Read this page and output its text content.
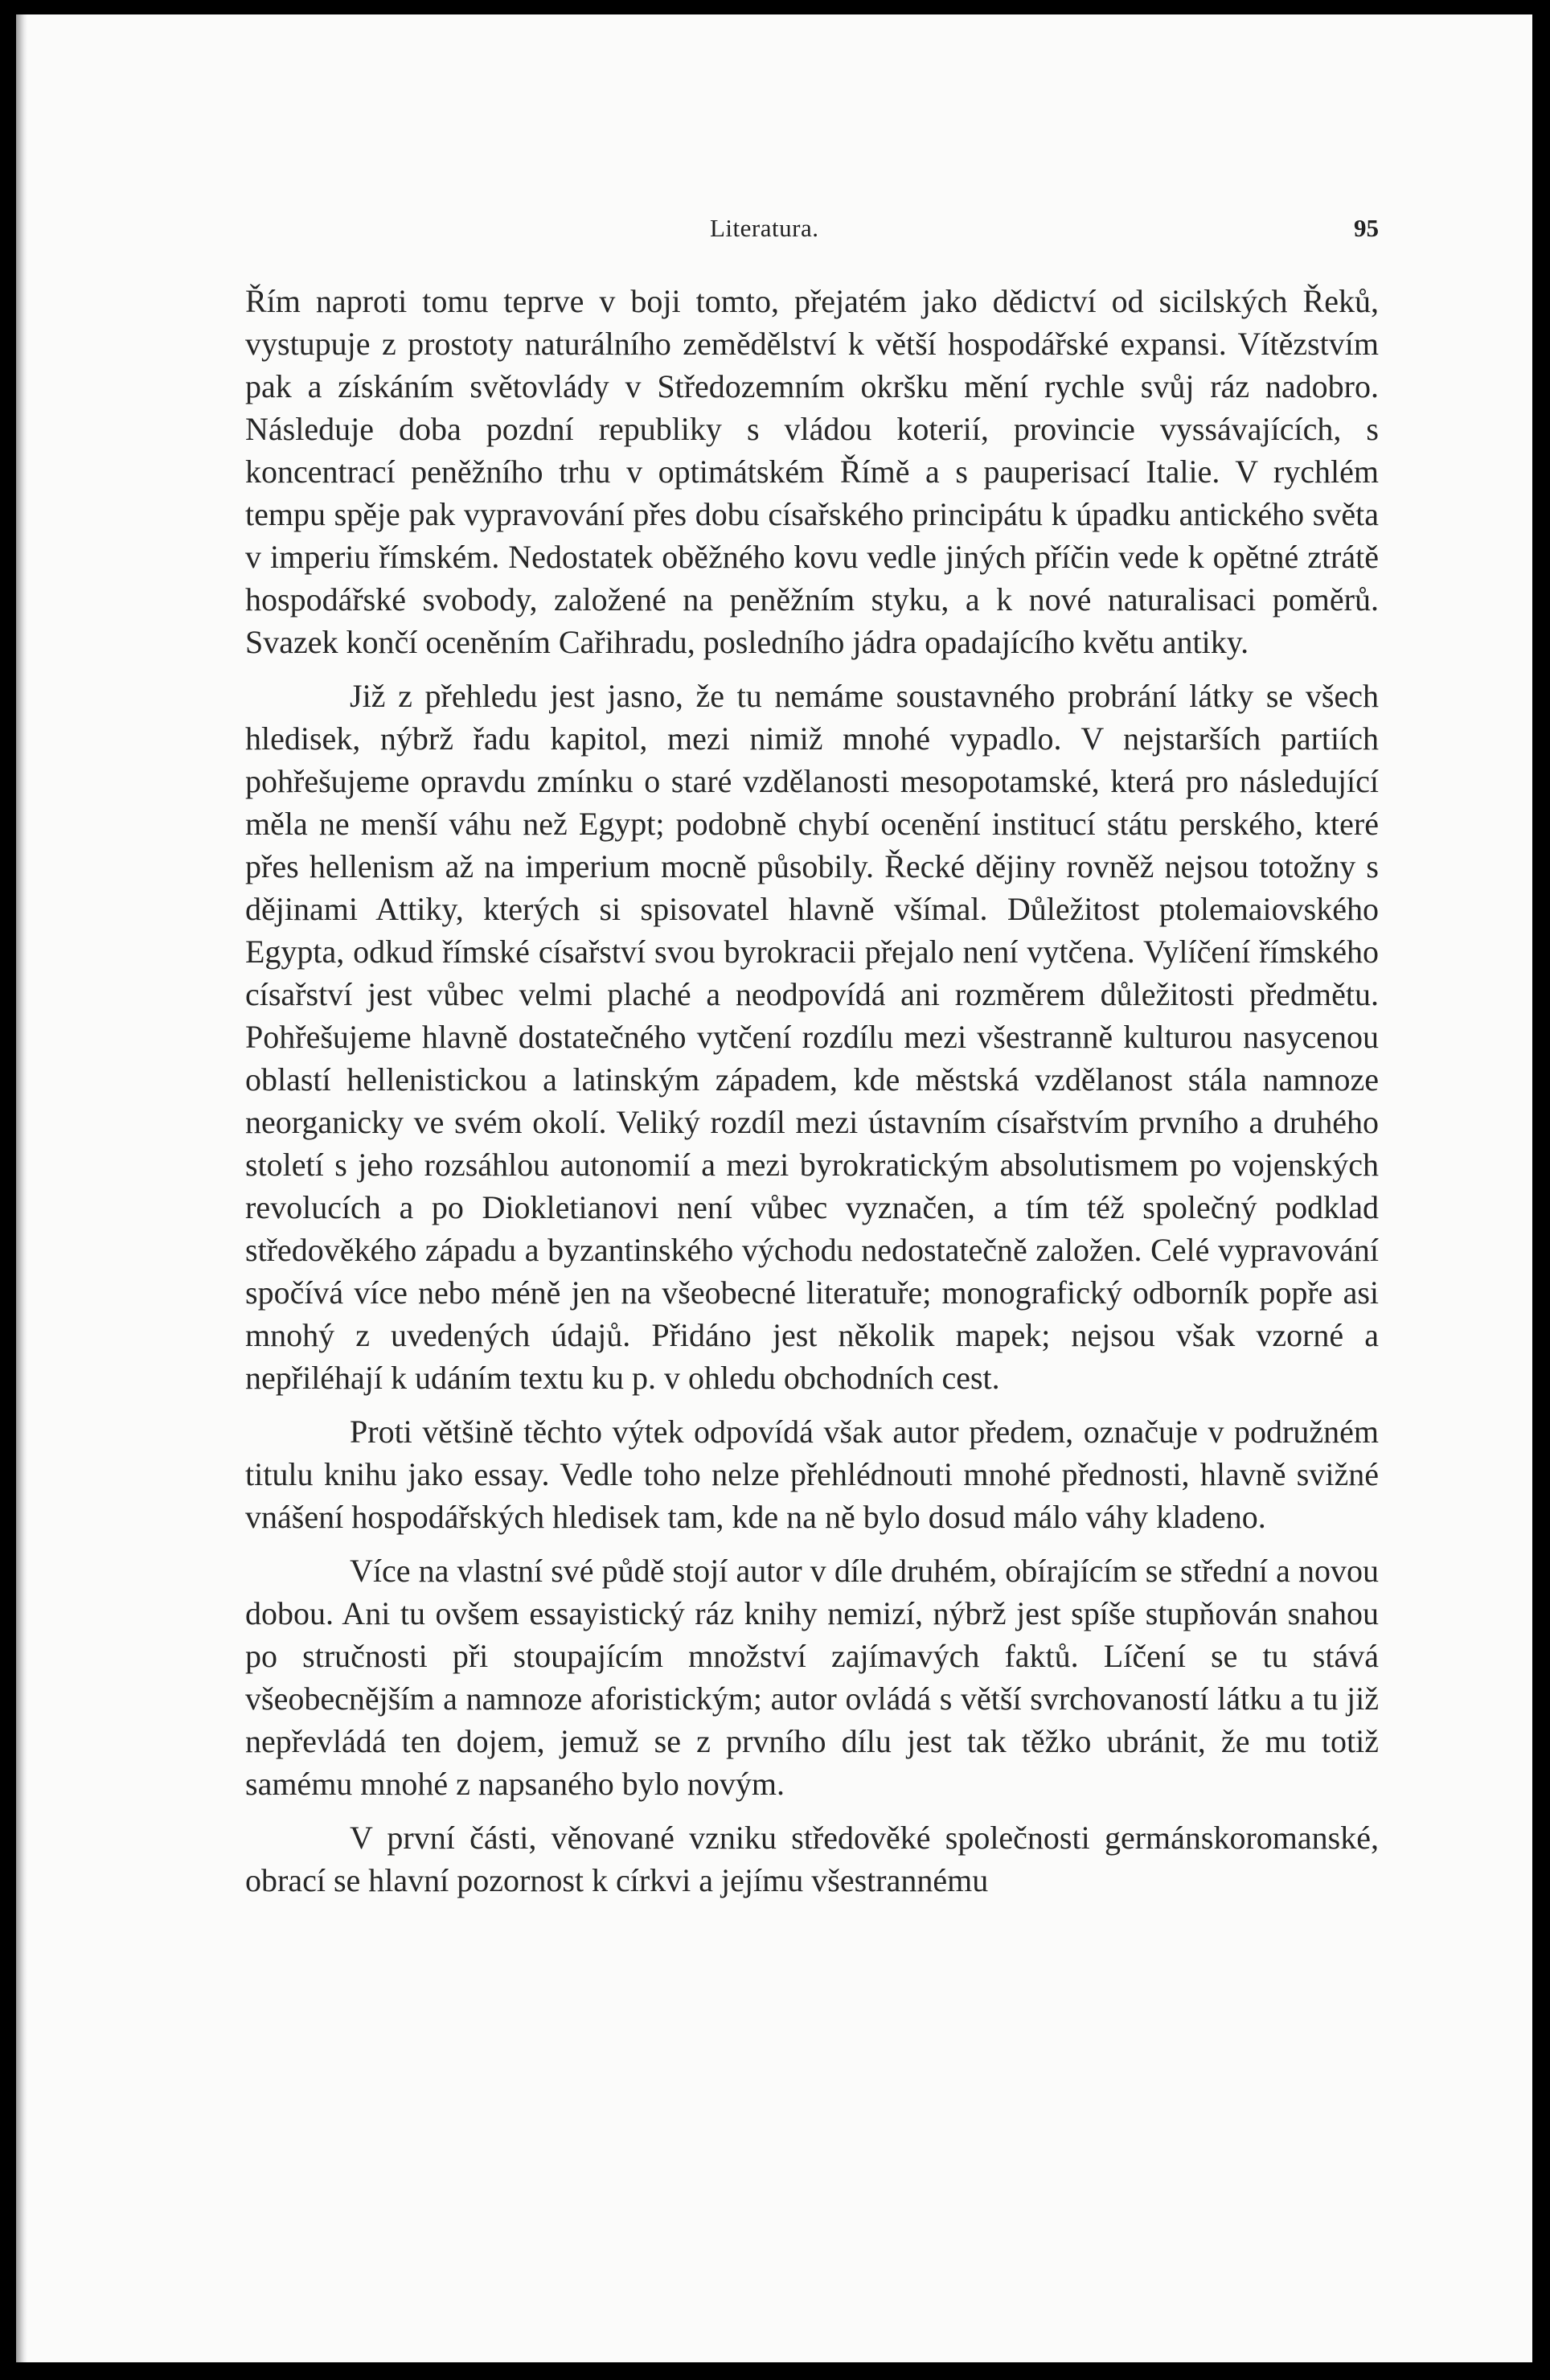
Literatura.	95

Řím naproti tomu teprve v boji tomto, přejatém jako dědictví od sicilských Řeků, vystupuje z prostoty naturálního zemědělství k větší hospodářské expansi. Vítězstvím pak a získáním světovlády v Středozemním okršku mění rychle svůj ráz nadobro. Následuje doba pozdní republiky s vládou koterií, provincie vyssávajících, s koncentrací peněžního trhu v optimátském Římě a s pauperisací Italie. V rychlém tempu spěje pak vypravování přes dobu císařského principátu k úpadku antického světa v imperiu římském. Nedostatek oběžného kovu vedle jiných příčin vede k opětné ztrátě hospodářské svobody, založené na peněžním styku, a k nové naturalisaci poměrů. Svazek končí oceněním Cařihradu, posledního jádra opadajícího květu antiky.

Již z přehledu jest jasno, že tu nemáme soustavného probrání látky se všech hledisek, nýbrž řadu kapitol, mezi nimiž mnohé vypadlo. V nejstarších partiích pohřešujeme opravdu zmínku o staré vzdělanosti mesopotamské, která pro následující měla ne menší váhu než Egypt; podobně chybí ocenění institucí státu perského, které přes hellenism až na imperium mocně působily. Řecké dějiny rovněž nejsou totožny s dějinami Attiky, kterých si spisovatel hlavně všímal. Důležitost ptolemaiovského Egypta, odkud římské císařství svou byrokracii přejalo není vytčena. Vylíčení římského císařství jest vůbec velmi plaché a neodpovídá ani rozměrem důležitosti předmětu. Pohřešujeme hlavně dostatečného vytčení rozdílu mezi všestranně kulturou nasycenou oblastí hellenistickou a latinským západem, kde městská vzdělanost stála namnoze neorganicky ve svém okolí. Veliký rozdíl mezi ústavním císařstvím prvního a druhého století s jeho rozsáhlou autonomií a mezi byrokratickým absolutismem po vojenských revolucích a po Diokletianovi není vůbec vyznačen, a tím též společný podklad středověkého západu a byzantinského východu nedostatečně založen. Celé vypravování spočívá více nebo méně jen na všeobecné literatuře; monografický odborník popře asi mnohý z uvedených údajů. Přidáno jest několik mapek; nejsou však vzorné a nepřiléhají k udáním textu ku p. v ohledu obchodních cest.

Proti většině těchto výtek odpovídá však autor předem, označuje v podružném titulu knihu jako essay. Vedle toho nelze přehlédnouti mnohé přednosti, hlavně svižné vnášení hospodářských hledisek tam, kde na ně bylo dosud málo váhy kladeno.

Více na vlastní své půdě stojí autor v díle druhém, obírajícím se střední a novou dobou. Ani tu ovšem essayistický ráz knihy nemizí, nýbrž jest spíše stupňován snahou po stručnosti při stoupajícím množství zajímavých faktů. Líčení se tu stává všeobecnějším a namnoze aforistickým; autor ovládá s větší svrchovaností látku a tu již nepřevládá ten dojem, jemuž se z prvního dílu jest tak těžko ubránit, že mu totiž samému mnohé z napsaného bylo novým.

V první části, věnované vzniku středověké společnosti germánskoromanské, obrací se hlavní pozornost k církvi a jejímu všestrannému
